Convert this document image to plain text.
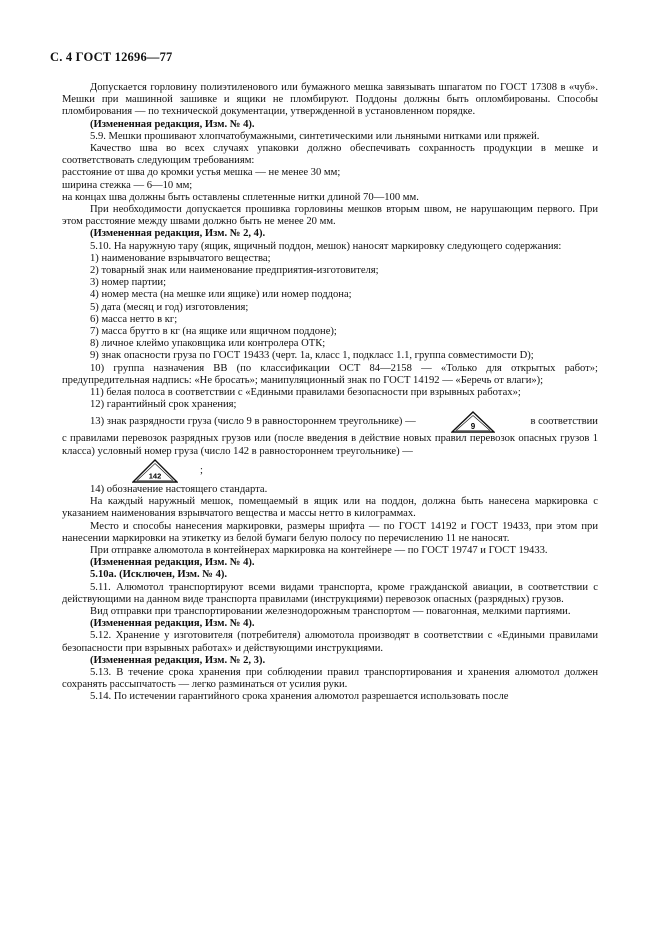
С. 4 ГОСТ 12696—77

Допускается горловину полиэтиленового или бумажного мешка завязывать шпагатом по ГОСТ 17308 в «чуб». Мешки при машинной зашивке и ящики не пломбируют. Поддоны должны быть опломбированы. Способы пломбирования — по технической документации, утвержденной в установленном порядке.

(Измененная редакция, Изм. № 4).

5.9. Мешки прошивают хлопчатобумажными, синтетическими или льняными нитками или пряжей.

Качество шва во всех случаях упаковки должно обеспечивать сохранность продукции в мешке и соответствовать следующим требованиям:

расстояние от шва до кромки устья мешка — не менее 30 мм;

ширина стежка — 6—10 мм;

на концах шва должны быть оставлены сплетенные нитки длиной 70—100 мм.

При необходимости допускается прошивка горловины мешков вторым швом, не нарушающим первого. При этом расстояние между швами должно быть не менее 20 мм.

(Измененная редакция, Изм. № 2, 4).

5.10. На наружную тару (ящик, ящичный поддон, мешок) наносят маркировку следующего содержания:

1) наименование взрывчатого вещества;

2) товарный знак или наименование предприятия-изготовителя;

3) номер партии;

4) номер места (на мешке или ящике) или номер поддона;

5) дата (месяц и год) изготовления;

6) масса нетто в кг;

7) масса брутто в кг (на ящике или ящичном поддоне);

8) личное клеймо упаковщика или контролера ОТК;

9) знак опасности груза по ГОСТ 19433 (черт. 1а, класс 1, подкласс 1.1, группа совместимости D);

10) группа назначения ВВ (по классификации ОСТ 84—2158 — «Только для открытых работ»; предупредительная надпись: «Не бросать»; манипуляционный знак по ГОСТ 14192 — «Беречь от влаги»);

11) белая полоса в соответствии с «Едиными правилами безопасности при взрывных работах»;

12) гарантийный срок хранения;

13) знак разрядности груза (число 9 в равностороннем треугольнике) —	9	в соответствии

с правилами перевозок разрядных грузов или (после введения в действие новых правил перевозок опасных грузов 1 класса) условный номер груза (число 142 в равностороннем треугольнике) —

142
;

14) обозначение настоящего стандарта.

На каждый наружный мешок, помещаемый в ящик или на поддон, должна быть нанесена маркировка с указанием наименования взрывчатого вещества и массы нетто в килограммах.

Место и способы нанесения маркировки, размеры шрифта — по ГОСТ 14192 и ГОСТ 19433, при этом при нанесении маркировки на этикетку из белой бумаги белую полосу по перечислению 11 не наносят.

При отправке алюмотола в контейнерах маркировка на контейнере — по ГОСТ 19747 и ГОСТ 19433.

(Измененная редакция, Изм. № 4).

5.10а. (Исключен, Изм. № 4).

5.11. Алюмотол транспортируют всеми видами транспорта, кроме гражданской авиации, в соответствии с действующими на данном виде транспорта правилами (инструкциями) перевозок опасных (разрядных) грузов.

Вид отправки при транспортировании железнодорожным транспортом — повагонная, мелкими партиями.

(Измененная редакция, Изм. № 4).

5.12. Хранение у изготовителя (потребителя) алюмотола производят в соответствии с «Едиными правилами безопасности при взрывных работах» и действующими инструкциями.

(Измененная редакция, Изм. № 2, 3).

5.13. В течение срока хранения при соблюдении правил транспортирования и хранения алюмотол должен сохранять рассыпчатость — легко разминаться от усилия руки.

5.14. По истечении гарантийного срока хранения алюмотол разрешается использовать после
